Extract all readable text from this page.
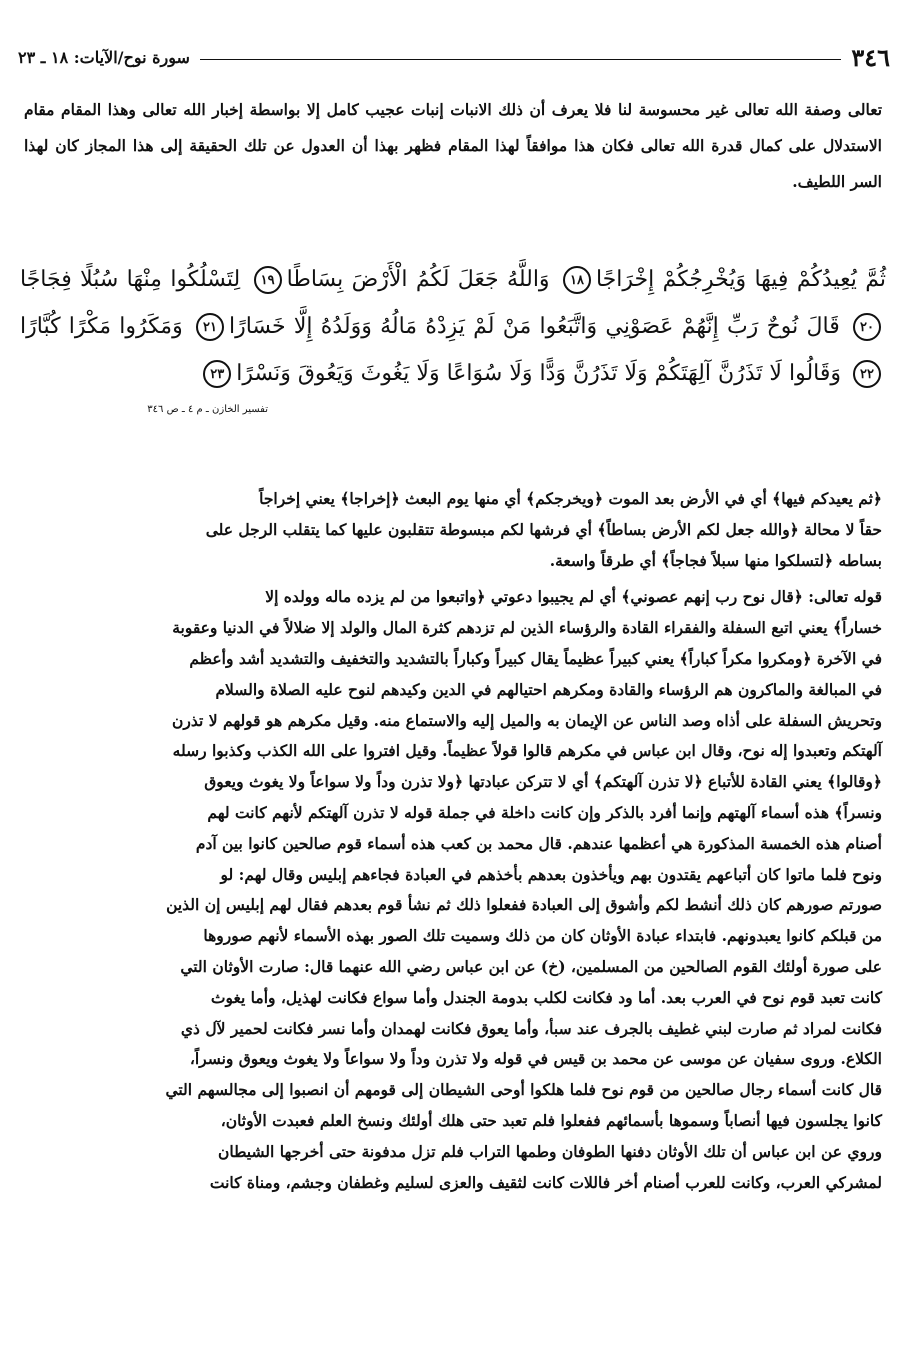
٣٤٦
سورة نوح/الآيات: ١٨ ـ ٢٣
تعالى وصفة الله تعالى غير محسوسة لنا فلا يعرف أن ذلك الانبات إنبات عجيب كامل إلا بواسطة إخبار الله تعالى وهذا المقام مقام الاستدلال على كمال قدرة الله تعالى فكان هذا موافقاً لهذا المقام فظهر بهذا أن العدول عن تلك الحقيقة إلى هذا المجاز كان لهذا السر اللطيف.
ثُمَّ يُعِيدُكُمْ فِيهَا وَيُخْرِجُكُمْ إِخْرَاجًا١٨ وَاللَّهُ جَعَلَ لَكُمُ الْأَرْضَ بِسَاطًا١٩ لِتَسْلُكُوا مِنْهَا سُبُلًا فِجَاجًا٢٠ قَالَ نُوحٌ رَبِّ إِنَّهُمْ عَصَوْنِي وَاتَّبَعُوا مَنْ لَمْ يَزِدْهُ مَالُهُ وَوَلَدُهُ إِلَّا خَسَارًا٢١ وَمَكَرُوا مَكْرًا كُبَّارًا٢٢ وَقَالُوا لَا تَذَرُنَّ آلِهَتَكُمْ وَلَا تَذَرُنَّ وَدًّا وَلَا سُوَاعًا وَلَا يَغُوثَ وَيَعُوقَ وَنَسْرًا٢٣
تفسير الخازن ـ م ٤ ـ ص ٣٤٦

﴿ثم يعيدكم فيها﴾ أي في الأرض بعد الموت ﴿ويخرجكم﴾ أي منها يوم البعث ﴿إخراجا﴾ يعني إخراجاً
حقاً لا محالة ﴿والله جعل لكم الأرض بساطاً﴾ أي فرشها لكم مبسوطة تتقلبون عليها كما يتقلب الرجل على
بساطه ﴿لتسلكوا منها سبلاً فجاجاً﴾ أي طرقاً واسعة.

قوله تعالى: ﴿قال نوح رب إنهم عصوني﴾ أي لم يجيبوا دعوتي ﴿واتبعوا من لم يزده ماله وولده إلا
خساراً﴾ يعني اتبع السفلة والفقراء القادة والرؤساء الذين لم تزدهم كثرة المال والولد إلا ضلالاً في الدنيا وعقوبة
في الآخرة ﴿ومكروا مكراً كباراً﴾ يعني كبيراً عظيماً يقال كبيراً وكباراً بالتشديد والتخفيف والتشديد أشد وأعظم
في المبالغة والماكرون هم الرؤساء والقادة ومكرهم احتيالهم في الدين وكيدهم لنوح عليه الصلاة والسلام
وتحريش السفلة على أذاه وصد الناس عن الإيمان به والميل إليه والاستماع منه. وقيل مكرهم هو قولهم لا تذرن
آلهتكم وتعبدوا إله نوح، وقال ابن عباس في مكرهم قالوا قولاً عظيماً. وقيل افتروا على الله الكذب وكذبوا رسله
﴿وقالوا﴾ يعني القادة للأتباع ﴿لا تذرن آلهتكم﴾ أي لا تتركن عبادتها ﴿ولا تذرن وداً ولا سواعاً ولا يغوث ويعوق
ونسراً﴾ هذه أسماء آلهتهم وإنما أفرد بالذكر وإن كانت داخلة في جملة قوله لا تذرن آلهتكم لأنهم كانت لهم
أصنام هذه الخمسة المذكورة هي أعظمها عندهم. قال محمد بن كعب هذه أسماء قوم صالحين كانوا بين آدم
ونوح فلما ماتوا كان أتباعهم يقتدون بهم ويأخذون بعدهم بأخذهم في العبادة فجاءهم إبليس وقال لهم: لو
صورتم صورهم كان ذلك أنشط لكم وأشوق إلى العبادة ففعلوا ذلك ثم نشأ قوم بعدهم فقال لهم إبليس إن الذين
من قبلكم كانوا يعبدونهم. فابتداء عبادة الأوثان كان من ذلك وسميت تلك الصور بهذه الأسماء لأنهم صوروها
على صورة أولئك القوم الصالحين من المسلمين، (خ) عن ابن عباس رضي الله عنهما قال: صارت الأوثان التي
كانت تعبد قوم نوح في العرب بعد. أما ود فكانت لكلب بدومة الجندل وأما سواع فكانت لهذيل، وأما يغوث
فكانت لمراد ثم صارت لبني غطيف بالجرف عند سبأ، وأما يعوق فكانت لهمدان وأما نسر فكانت لحمير لآل ذي
الكلاع. وروى سفيان عن موسى عن محمد بن قيس في قوله ولا تذرن وداً ولا سواعاً ولا يغوث ويعوق ونسراً،
قال كانت أسماء رجال صالحين من قوم نوح فلما هلكوا أوحى الشيطان إلى قومهم أن انصبوا إلى مجالسهم التي
كانوا يجلسون فيها أنصاباً وسموها بأسمائهم ففعلوا فلم تعبد حتى هلك أولئك ونسخ العلم فعبدت الأوثان،
وروي عن ابن عباس أن تلك الأوثان دفنها الطوفان وطمها التراب فلم تزل مدفونة حتى أخرجها الشيطان
لمشركي العرب، وكانت للعرب أصنام أخر فاللات كانت لثقيف والعزى لسليم وغطفان وجشم، ومناة كانت
